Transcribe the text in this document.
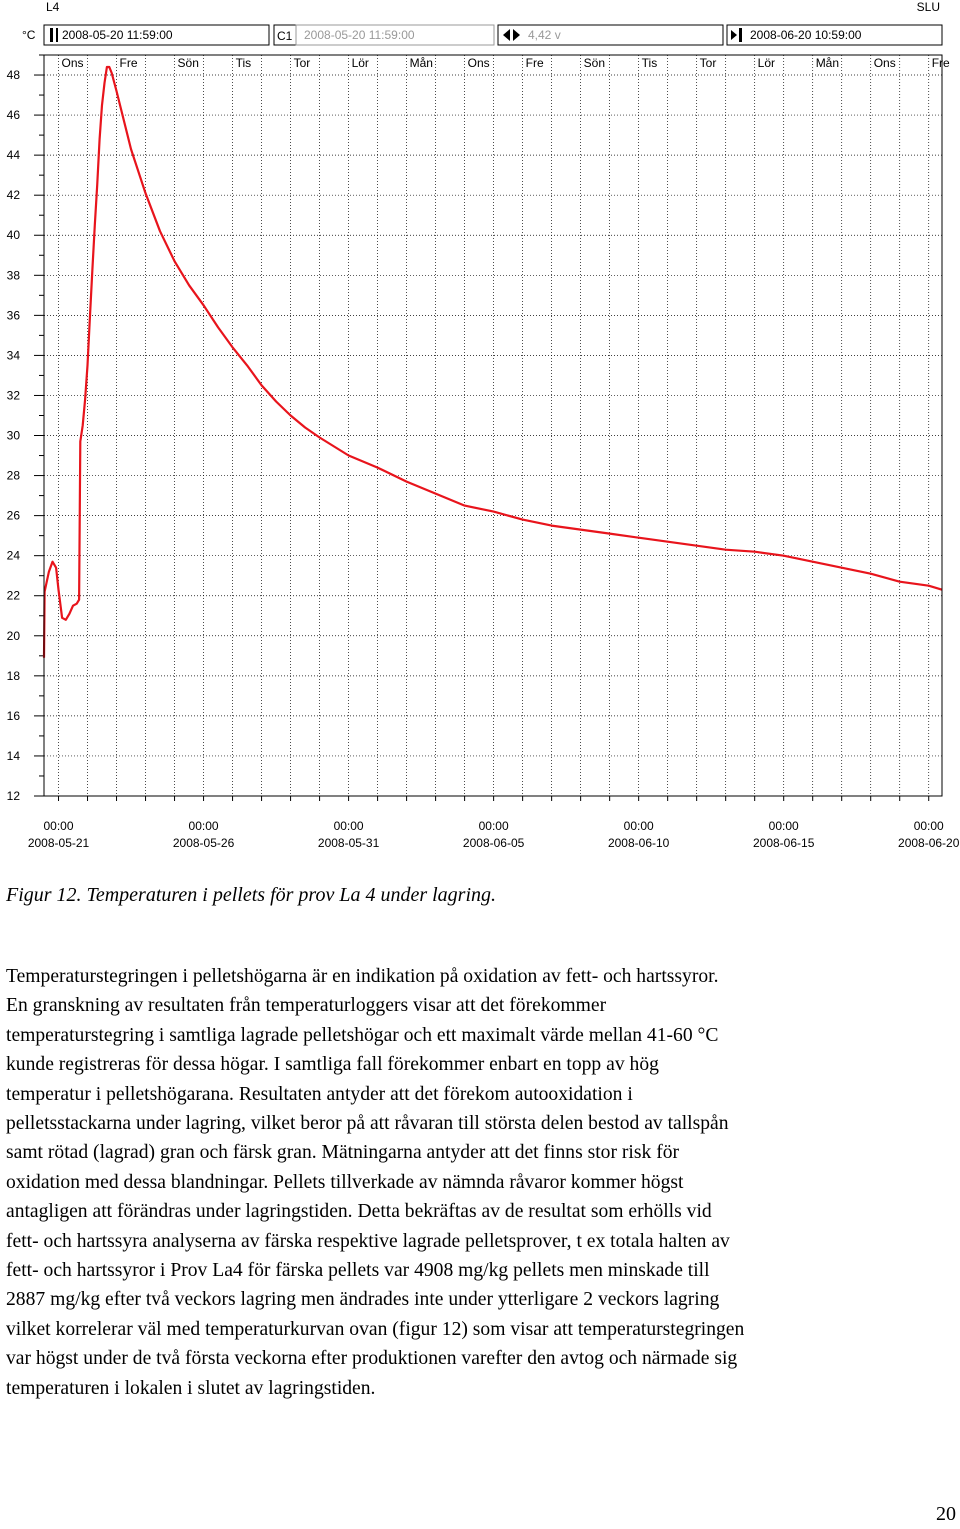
L4	SLU
°C 2008-05-20 11:59:00	C1 2008-05-20 11:59:00	4,42 v	2008-06-20 10:59:00
Ons	Fre	Sön	Tis	Tor	Lör	Mån	Ons	Fre	Sön	Tis	Tor	Lör	Mån	Ons	Fre
12
14
16
18
20
22
24
26
28
30
32
34
36
38
40
42
44
46
48
00:00
2008-05-21
00:00
2008-05-26
00:00
2008-05-31
00:00
2008-06-05
00:00
2008-06-10
00:00
2008-06-15
00:00
2008-06-20
Figur 12. Temperaturen i pellets för prov La 4 under lagring.
Temperaturstegringen i pelletshögarna är en indikation på oxidation av fett- och hartssyror.
En granskning av resultaten från temperaturloggers visar att det förekommer
temperaturstegring i samtliga lagrade pelletshögar och ett maximalt värde mellan 41-60 °C
kunde registreras för dessa högar. I samtliga fall förekommer enbart en topp av hög
temperatur i pelletshögarana. Resultaten antyder att det förekom autooxidation i
pelletsstackarna under lagring, vilket beror på att råvaran till största delen bestod av tallspån
samt rötad (lagrad) gran och färsk gran. Mätningarna antyder att det finns stor risk för
oxidation med dessa blandningar. Pellets tillverkade av nämnda råvaror kommer högst
antagligen att förändras under lagringstiden. Detta bekräftas av de resultat som erhölls vid
fett- och hartssyra analyserna av färska respektive lagrade pelletsprover, t ex totala halten av
fett- och hartssyror i Prov La4 för färska pellets var 4908 mg/kg pellets men minskade till
2887 mg/kg efter två veckors lagring men ändrades inte under ytterligare 2 veckors lagring
vilket korrelerar väl med temperaturkurvan ovan (figur 12) som visar att temperaturstegringen
var högst under de två första veckorna efter produktionen varefter den avtog och närmade sig
temperaturen i lokalen i slutet av lagringstiden.
20
